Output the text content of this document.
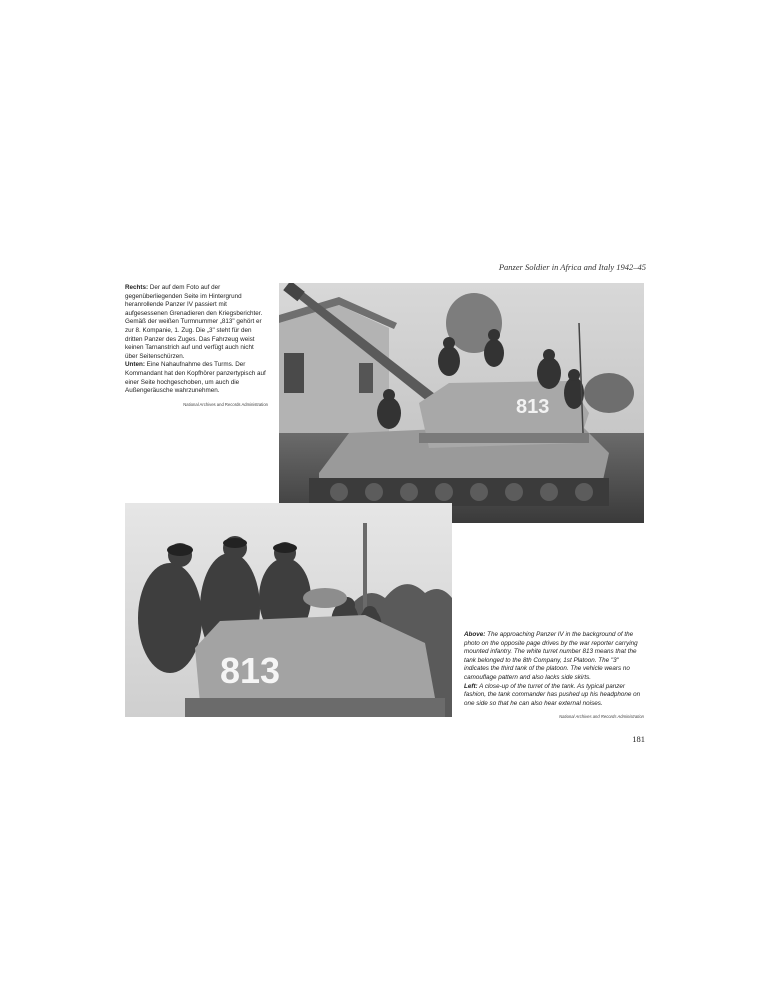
Panzer Soldier in Africa and Italy 1942–45

Rechts: Der auf dem Foto auf der gegenüberliegenden Seite im Hintergrund heranrollende Panzer IV passiert mit aufgesessenen Grenadieren den Kriegsberichter. Gemäß der weißen Turmnummer „813" gehört er zur 8. Kompanie, 1. Zug. Die „3" steht für den dritten Panzer des Zuges. Das Fahrzeug weist keinen Tarnanstrich auf und verfügt auch nicht über Seitenschürzen.

Unten: Eine Nahaufnahme des Turms. Der Kommandant hat den Kopfhörer panzertypisch auf einer Seite hochgeschoben, um auch die Außengeräusche wahrzunehmen.

National Archives and Records Administration	813
813

Above: The approaching Panzer IV in the background of the photo on the opposite page drives by the war reporter carrying mounted infantry. The white turret number 813 means that the tank belonged to the 8th Company, 1st Platoon. The "3" indicates the third tank of the platoon. The vehicle wears no camouflage pattern and also lacks side skirts.

Left: A close-up of the turret of the tank. As typical panzer fashion, the tank commander has pushed up his headphone on one side so that he can also hear external noises.

National Archives and Records Administration
181
